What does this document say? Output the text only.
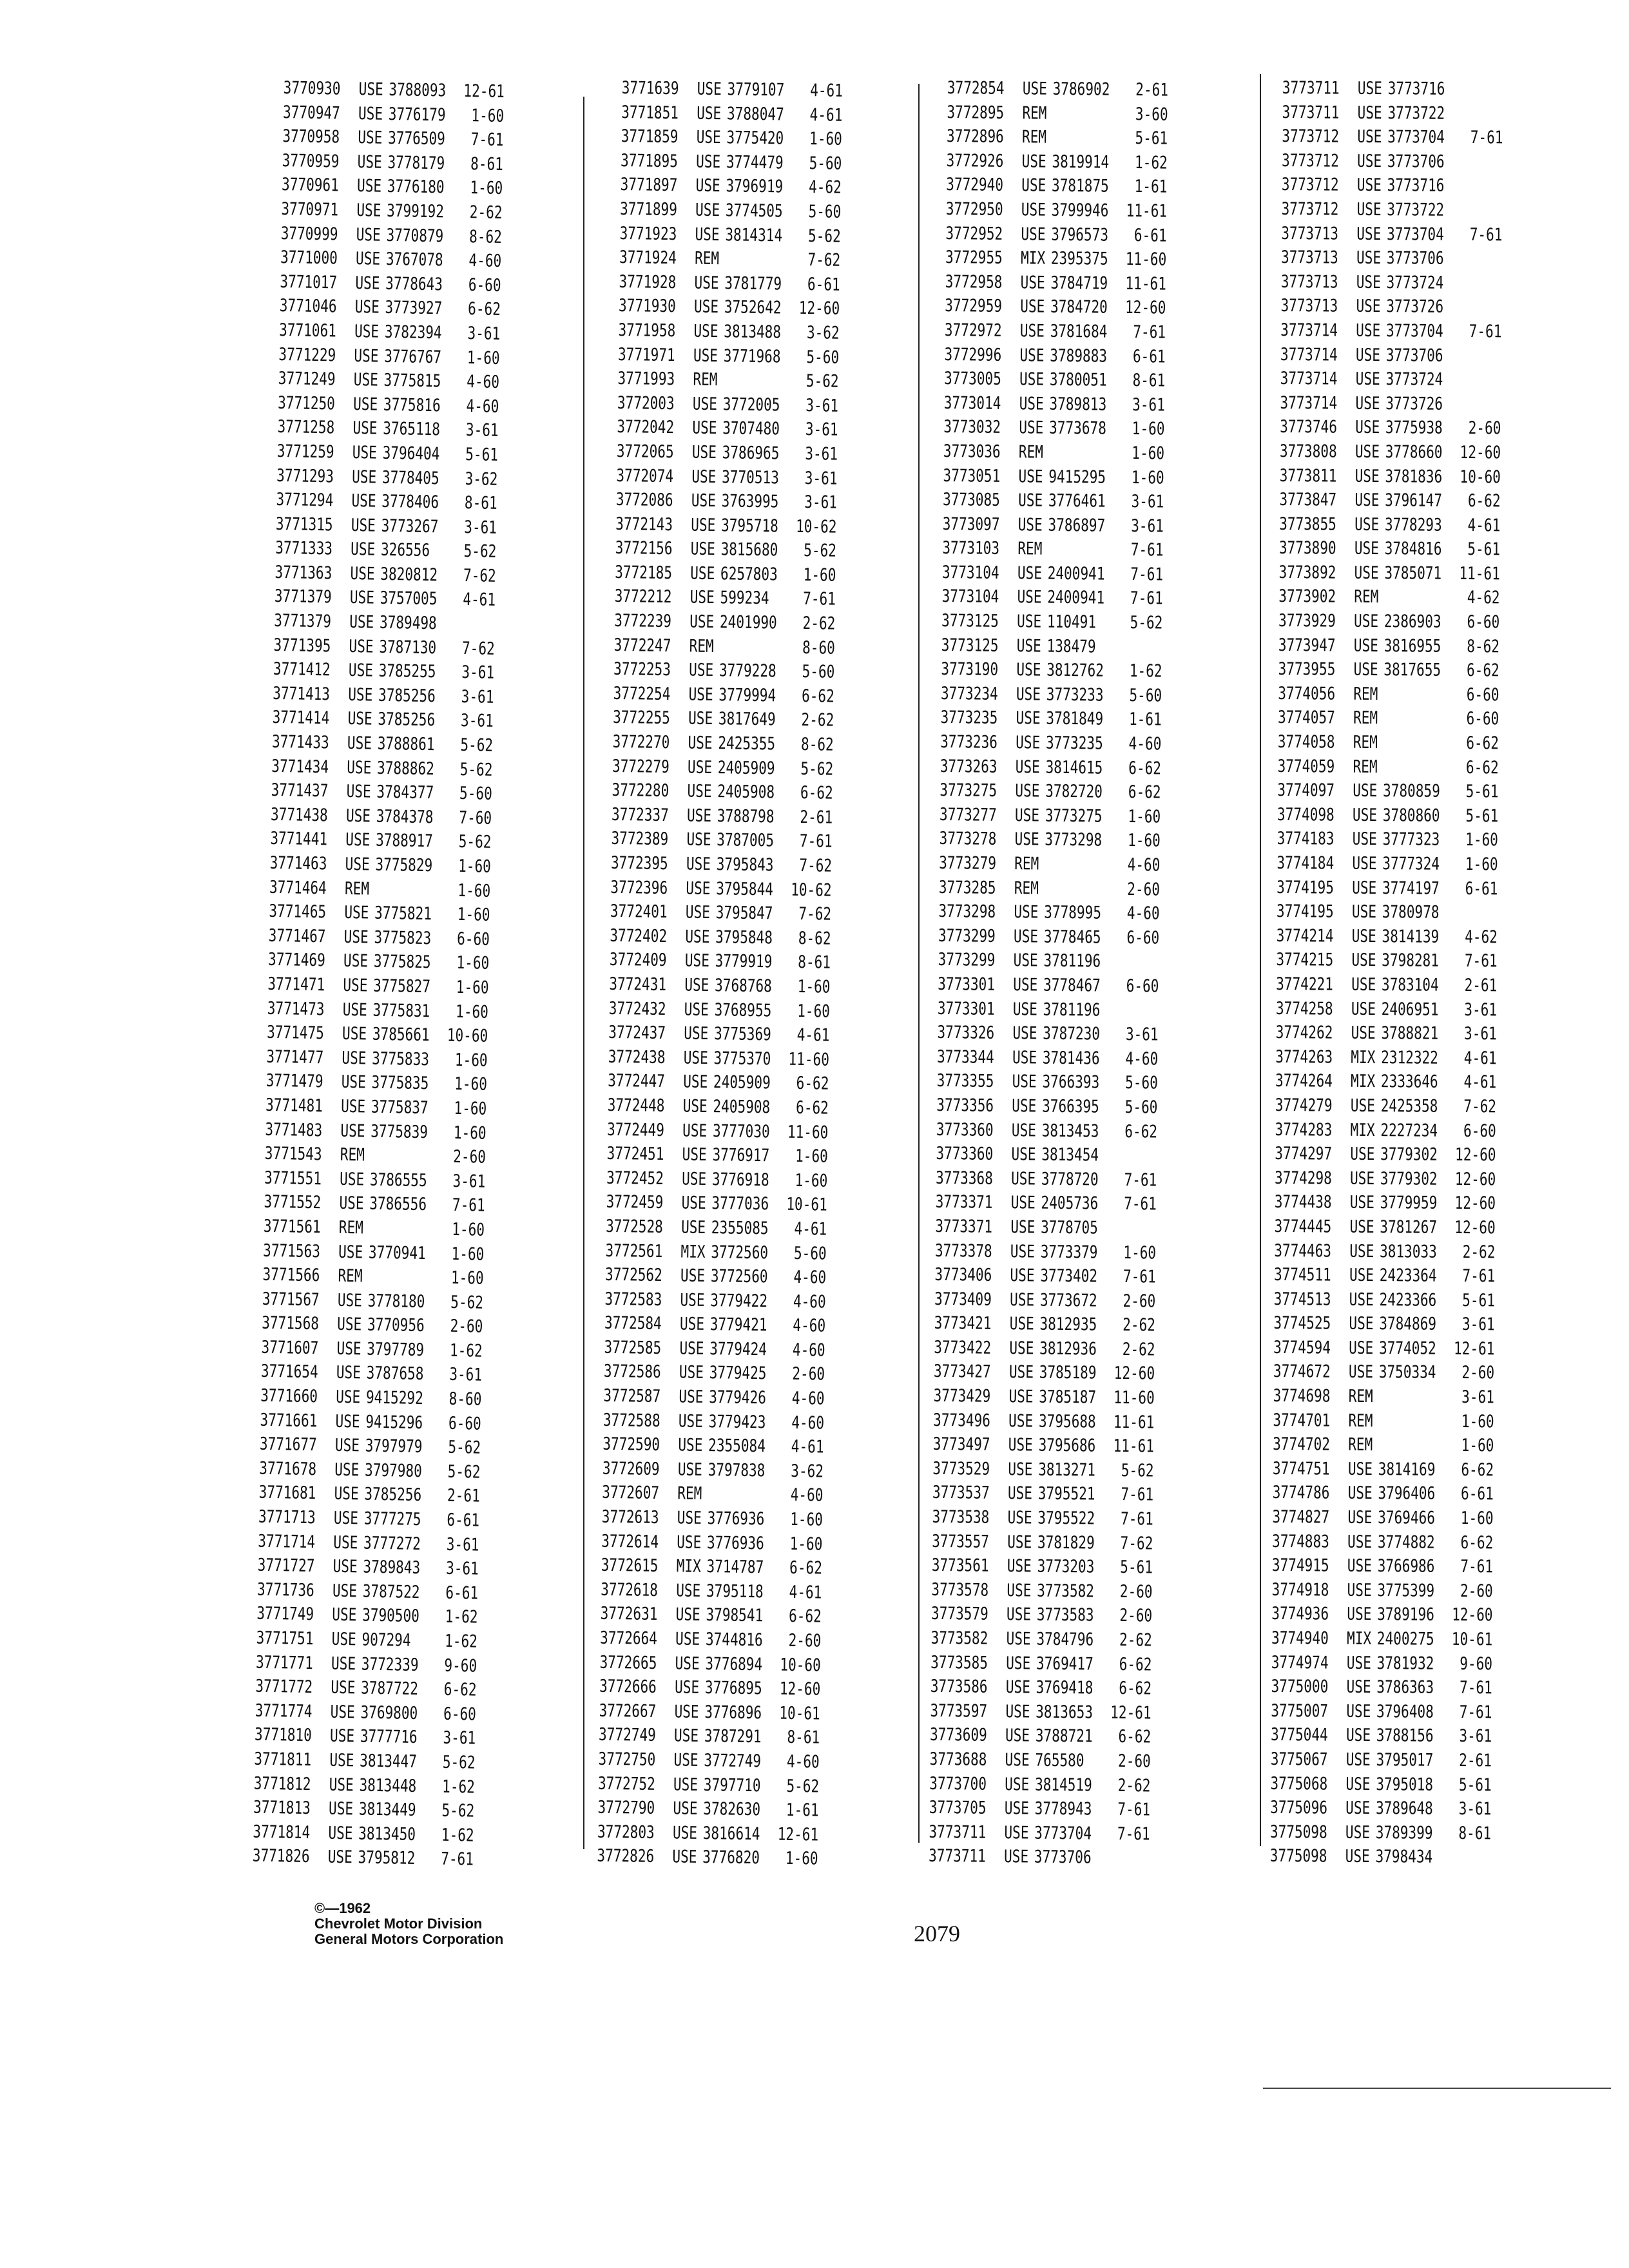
3770930 USE 3788093 12-61
3770947 USE 3776179 1-60
3770958 USE 3776509 7-61
3770959 USE 3778179 8-61
3770961 USE 3776180 1-60
3770971 USE 3799192 2-62
3770999 USE 3770879 8-62
3771000 USE 3767078 4-60
3771017 USE 3778643 6-60
3771046 USE 3773927 6-62
3771061 USE 3782394 3-61
3771229 USE 3776767 1-60
3771249 USE 3775815 4-60
3771250 USE 3775816 4-60
3771258 USE 3765118 3-61
3771259 USE 3796404 5-61
3771293 USE 3778405 3-62
3771294 USE 3778406 8-61
3771315 USE 3773267 3-61
3771333 USE 326556 5-62
3771363 USE 3820812 7-62
3771379 USE 3757005 4-61
3771379 USE 3789498
3771395 USE 3787130 7-62
3771412 USE 3785255 3-61
3771413 USE 3785256 3-61
3771414 USE 3785256 3-61
3771433 USE 3788861 5-62
3771434 USE 3788862 5-62
3771437 USE 3784377 5-60
3771438 USE 3784378 7-60
3771441 USE 3788917 5-62
3771463 USE 3775829 1-60
3771464 REM	1-60
3771465 USE 3775821 1-60
3771467 USE 3775823 6-60
3771469 USE 3775825 1-60
3771471 USE 3775827 1-60
3771473 USE 3775831 1-60
3771475 USE 3785661 10-60
3771477 USE 3775833 1-60
3771479 USE 3775835 1-60
3771481 USE 3775837 1-60
3771483 USE 3775839 1-60
3771543 REM	2-60
3771551 USE 3786555 3-61
3771552 USE 3786556 7-61
3771561 REM	1-60
3771563 USE 3770941 1-60
3771566 REM	1-60
3771567 USE 3778180 5-62
3771568 USE 3770956 2-60
3771607 USE 3797789 1-62
3771654 USE 3787658 3-61
3771660 USE 9415292 8-60
3771661 USE 9415296 6-60
3771677 USE 3797979 5-62
3771678 USE 3797980 5-62
3771681 USE 3785256 2-61
3771713 USE 3777275 6-61
3771714 USE 3777272 3-61
3771727 USE 3789843 3-61
3771736 USE 3787522 6-61
3771749 USE 3790500 1-62
3771751 USE 907294 1-62
3771771 USE 3772339 9-60
3771772 USE 3787722 6-62
3771774 USE 3769800 6-60
3771810 USE 3777716 3-61
3771811 USE 3813447 5-62
3771812 USE 3813448 1-62
3771813 USE 3813449 5-62
3771814 USE 3813450 1-62
3771826 USE 3795812 7-61
3771639 USE 3779107 4-61
3771851 USE 3788047 4-61
3771859 USE 3775420 1-60
3771895 USE 3774479 5-60
3771897 USE 3796919 4-62
3771899 USE 3774505 5-60
3771923 USE 3814314 5-62
3771924 REM	7-62
3771928 USE 3781779 6-61
3771930 USE 3752642 12-60
3771958 USE 3813488 3-62
3771971 USE 3771968 5-60
3771993 REM	5-62
3772003 USE 3772005 3-61
3772042 USE 3707480 3-61
3772065 USE 3786965 3-61
3772074 USE 3770513 3-61
3772086 USE 3763995 3-61
3772143 USE 3795718 10-62
3772156 USE 3815680 5-62
3772185 USE 6257803 1-60
3772212 USE 599234 7-61
3772239 USE 2401990 2-62
3772247 REM	8-60
3772253 USE 3779228 5-60
3772254 USE 3779994 6-62
3772255 USE 3817649 2-62
3772270 USE 2425355 8-62
3772279 USE 2405909 5-62
3772280 USE 2405908 6-62
3772337 USE 3788798 2-61
3772389 USE 3787005 7-61
3772395 USE 3795843 7-62
3772396 USE 3795844 10-62
3772401 USE 3795847 7-62
3772402 USE 3795848 8-62
3772409 USE 3779919 8-61
3772431 USE 3768768 1-60
3772432 USE 3768955 1-60
3772437 USE 3775369 4-61
3772438 USE 3775370 11-60
3772447 USE 2405909 6-62
3772448 USE 2405908 6-62
3772449 USE 3777030 11-60
3772451 USE 3776917 1-60
3772452 USE 3776918 1-60
3772459 USE 3777036 10-61
3772528 USE 2355085 4-61
3772561 MIX 3772560 5-60
3772562 USE 3772560 4-60
3772583 USE 3779422 4-60
3772584 USE 3779421 4-60
3772585 USE 3779424 4-60
3772586 USE 3779425 2-60
3772587 USE 3779426 4-60
3772588 USE 3779423 4-60
3772590 USE 2355084 4-61
3772609 USE 3797838 3-62
3772607 REM	4-60
3772613 USE 3776936 1-60
3772614 USE 3776936 1-60
3772615 MIX 3714787 6-62
3772618 USE 3795118 4-61
3772631 USE 3798541 6-62
3772664 USE 3744816 2-60
3772665 USE 3776894 10-60
3772666 USE 3776895 12-60
3772667 USE 3776896 10-61
3772749 USE 3787291 8-61
3772750 USE 3772749 4-60
3772752 USE 3797710 5-62
3772790 USE 3782630 1-61
3772803 USE 3816614 12-61
3772826 USE 3776820 1-60
3772854 USE 3786902 2-61
3772895 REM	3-60
3772896 REM	5-61
3772926 USE 3819914 1-62
3772940 USE 3781875 1-61
3772950 USE 3799946 11-61
3772952 USE 3796573 6-61
3772955 MIX 2395375 11-60
3772958 USE 3784719 11-61
3772959 USE 3784720 12-60
3772972 USE 3781684 7-61
3772996 USE 3789883 6-61
3773005 USE 3780051 8-61
3773014 USE 3789813 3-61
3773032 USE 3773678 1-60
3773036 REM	1-60
3773051 USE 9415295 1-60
3773085 USE 3776461 3-61
3773097 USE 3786897 3-61
3773103 REM	7-61
3773104 USE 2400941 7-61
3773104 USE 2400941 7-61
3773125 USE 110491 5-62
3773125 USE 138479
3773190 USE 3812762 1-62
3773234 USE 3773233 5-60
3773235 USE 3781849 1-61
3773236 USE 3773235 4-60
3773263 USE 3814615 6-62
3773275 USE 3782720 6-62
3773277 USE 3773275 1-60
3773278 USE 3773298 1-60
3773279 REM	4-60
3773285 REM	2-60
3773298 USE 3778995 4-60
3773299 USE 3778465 6-60
3773299 USE 3781196
3773301 USE 3778467 6-60
3773301 USE 3781196
3773326 USE 3787230 3-61
3773344 USE 3781436 4-60
3773355 USE 3766393 5-60
3773356 USE 3766395 5-60
3773360 USE 3813453 6-62
3773360 USE 3813454
3773368 USE 3778720 7-61
3773371 USE 2405736 7-61
3773371 USE 3778705
3773378 USE 3773379 1-60
3773406 USE 3773402 7-61
3773409 USE 3773672 2-60
3773421 USE 3812935 2-62
3773422 USE 3812936 2-62
3773427 USE 3785189 12-60
3773429 USE 3785187 11-60
3773496 USE 3795688 11-61
3773497 USE 3795686 11-61
3773529 USE 3813271 5-62
3773537 USE 3795521 7-61
3773538 USE 3795522 7-61
3773557 USE 3781829 7-62
3773561 USE 3773203 5-61
3773578 USE 3773582 2-60
3773579 USE 3773583 2-60
3773582 USE 3784796 2-62
3773585 USE 3769417 6-62
3773586 USE 3769418 6-62
3773597 USE 3813653 12-61
3773609 USE 3788721 6-62
3773688 USE 765580 2-60
3773700 USE 3814519 2-62
3773705 USE 3778943 7-61
3773711 USE 3773704 7-61
3773711 USE 3773706
3773711 USE 3773716
3773711 USE 3773722
3773712 USE 3773704 7-61
3773712 USE 3773706
3773712 USE 3773716
3773712 USE 3773722
3773713 USE 3773704 7-61
3773713 USE 3773706
3773713 USE 3773724
3773713 USE 3773726
3773714 USE 3773704 7-61
3773714 USE 3773706
3773714 USE 3773724
3773714 USE 3773726
3773746 USE 3775938 2-60
3773808 USE 3778660 12-60
3773811 USE 3781836 10-60
3773847 USE 3796147 6-62
3773855 USE 3778293 4-61
3773890 USE 3784816 5-61
3773892 USE 3785071 11-61
3773902 REM	4-62
3773929 USE 2386903 6-60
3773947 USE 3816955 8-62
3773955 USE 3817655 6-62
3774056 REM	6-60
3774057 REM	6-60
3774058 REM	6-62
3774059 REM	6-62
3774097 USE 3780859 5-61
3774098 USE 3780860 5-61
3774183 USE 3777323 1-60
3774184 USE 3777324 1-60
3774195 USE 3774197 6-61
3774195 USE 3780978
3774214 USE 3814139 4-62
3774215 USE 3798281 7-61
3774221 USE 3783104 2-61
3774258 USE 2406951 3-61
3774262 USE 3788821 3-61
3774263 MIX 2312322 4-61
3774264 MIX 2333646 4-61
3774279 USE 2425358 7-62
3774283 MIX 2227234 6-60
3774297 USE 3779302 12-60
3774298 USE 3779302 12-60
3774438 USE 3779959 12-60
3774445 USE 3781267 12-60
3774463 USE 3813033 2-62
3774511 USE 2423364 7-61
3774513 USE 2423366 5-61
3774525 USE 3784869 3-61
3774594 USE 3774052 12-61
3774672 USE 3750334 2-60
3774698 REM	3-61
3774701 REM	1-60
3774702 REM	1-60
3774751 USE 3814169 6-62
3774786 USE 3796406 6-61
3774827 USE 3769466 1-60
3774883 USE 3774882 6-62
3774915 USE 3766986 7-61
3774918 USE 3775399 2-60
3774936 USE 3789196 12-60
3774940 MIX 2400275 10-61
3774974 USE 3781932 9-60
3775000 USE 3786363 7-61
3775007 USE 3796408 7-61
3775044 USE 3788156 3-61
3775067 USE 3795017 2-61
3775068 USE 3795018 5-61
3775096 USE 3789648 3-61
3775098 USE 3789399 8-61
3775098 USE 3798434
©—1962
Chevrolet Motor Division
General Motors Corporation	2079
